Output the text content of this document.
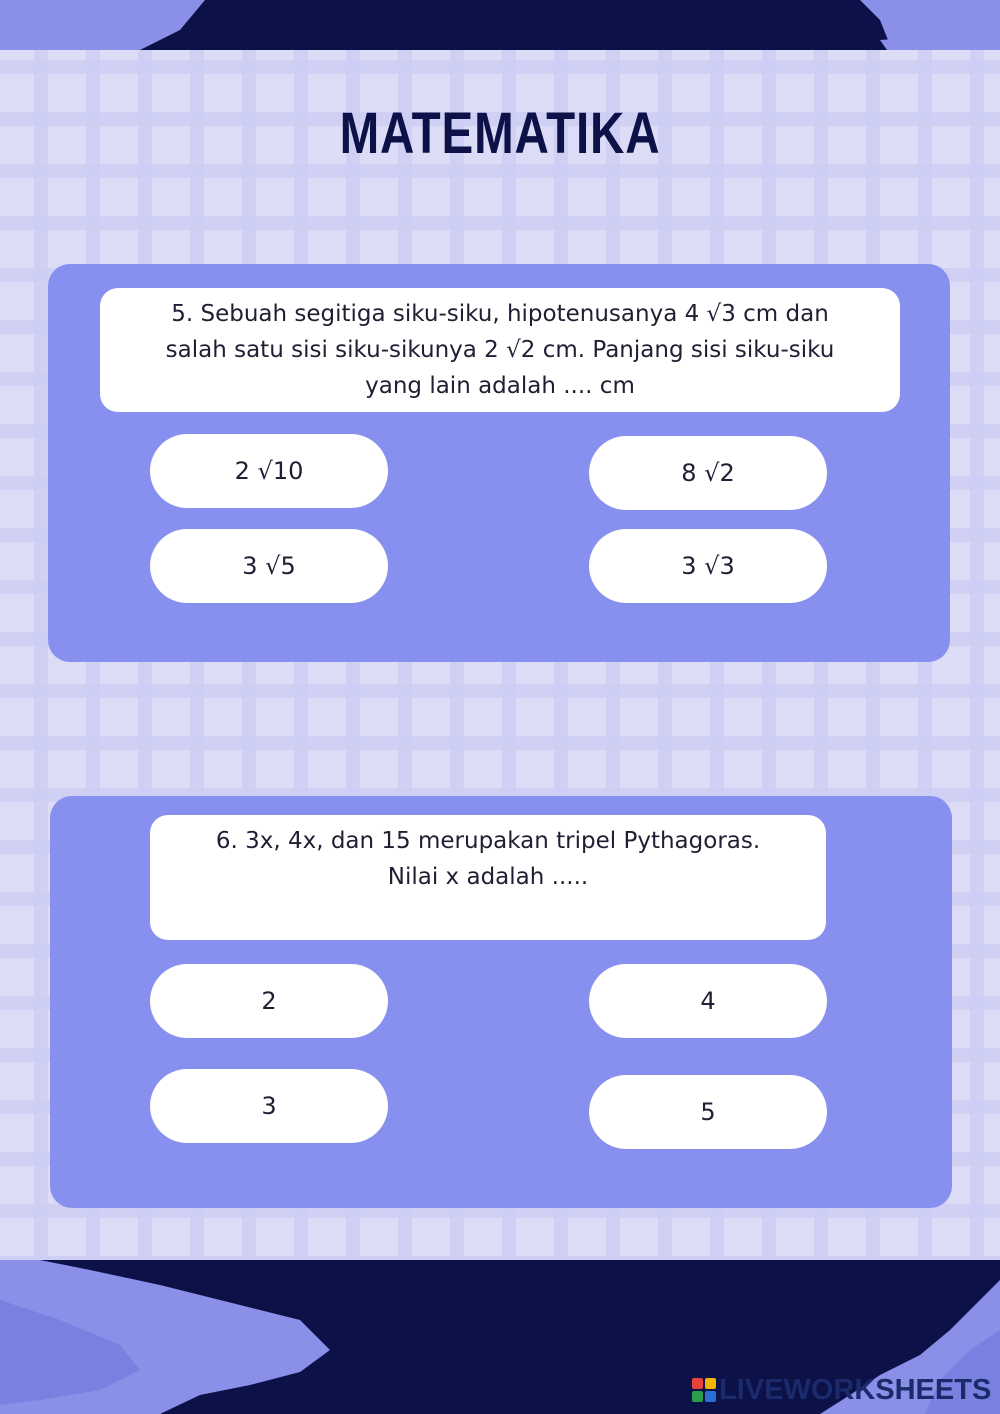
MATEMATIKA
5. Sebuah segitiga siku-siku, hipotenusanya 4 √3 cm dan
salah satu sisi siku-sikunya 2 √2 cm. Panjang sisi siku-siku
yang lain adalah .... cm
2 √10	8 √2
3 √5	3 √3
6. 3x, 4x, dan 15 merupakan tripel Pythagoras.
Nilai x adalah .....
2	4
3	5
LIVEWORKSHEETS
